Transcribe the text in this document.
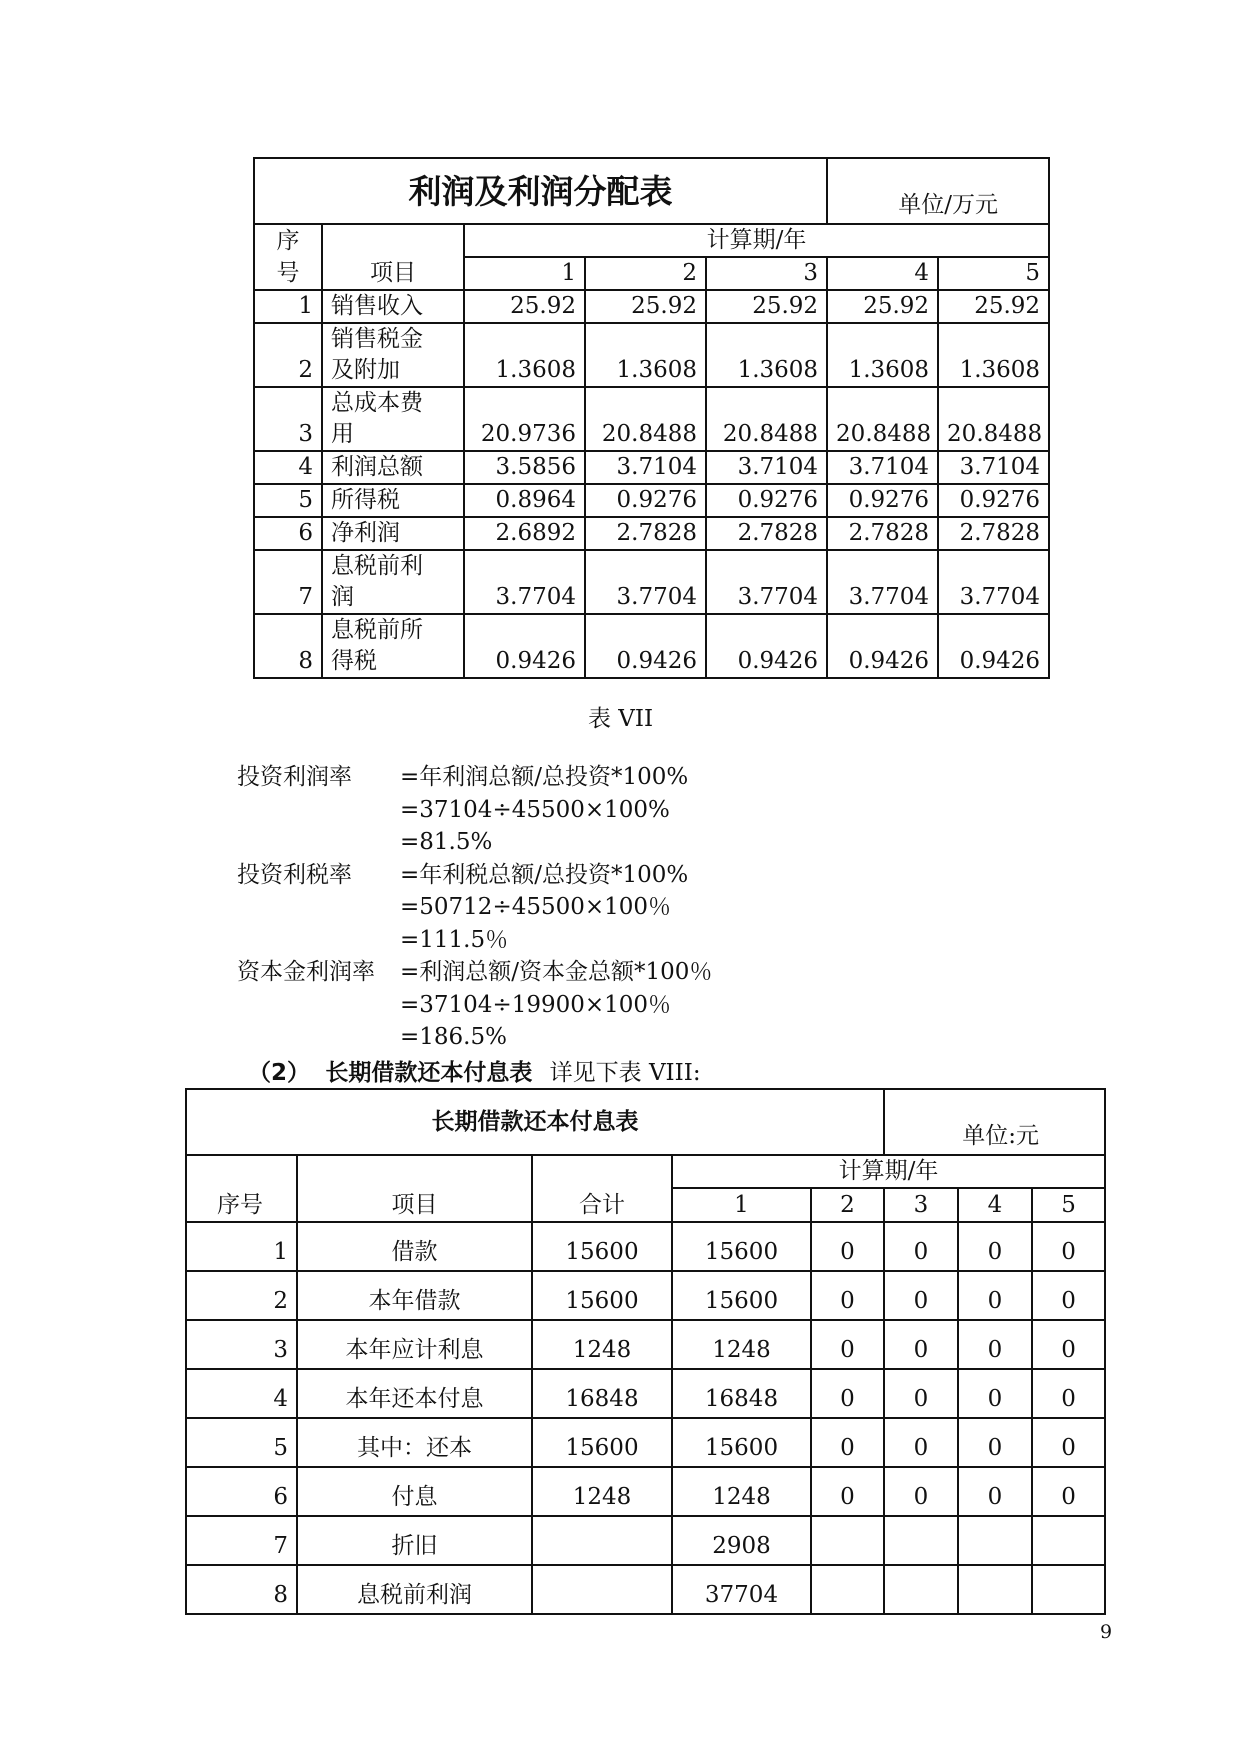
利润及利润分配表					单位/万元	

序
号	项目	计算期/年				
		1	2	3	4	5
1	销售收入	25.92	25.92	25.92	25.92	25.92
2	销售税金
及附加	1.3608	1.3608	1.3608	1.3608	1.3608
3	总成本费
用	20.9736	20.8488	20.8488	20.8488	20.8488
4	利润总额	3.5856	3.7104	3.7104	3.7104	3.7104
5	所得税	0.8964	0.9276	0.9276	0.9276	0.9276
6	净利润	2.6892	2.7828	2.7828	2.7828	2.7828
7	息税前利
润	3.7704	3.7704	3.7704	3.7704	3.7704
8	息税前所
得税	0.9426	0.9426	0.9426	0.9426	0.9426
表 VII
投资利润率	=年利润总额/总投资*100%
=37104÷45500×100%
=81.5%
投资利税率	=年利税总额/总投资*100%
=50712÷45500×100％
=111.5％
资本金利润率	=利润总额/资本金总额*100％
=37104÷19900×100％
=186.5%
（2） 长期借款还本付息表 详见下表 VIII:
长期借款还本付息表					单位:元		
序号	项目	合计	计算期/年				
			1	2	3	4	5
1	借款	15600	15600	0	0	0	0
2	本年借款	15600	15600	0	0	0	0
3	本年应计利息	1248	1248	0	0	0	0
4	本年还本付息	16848	16848	0	0	0	0
5	其中：还本	15600	15600	0	0	0	0
6	付息	1248	1248	0	0	0	0
7	折旧		2908				
8	息税前利润		37704				
9
